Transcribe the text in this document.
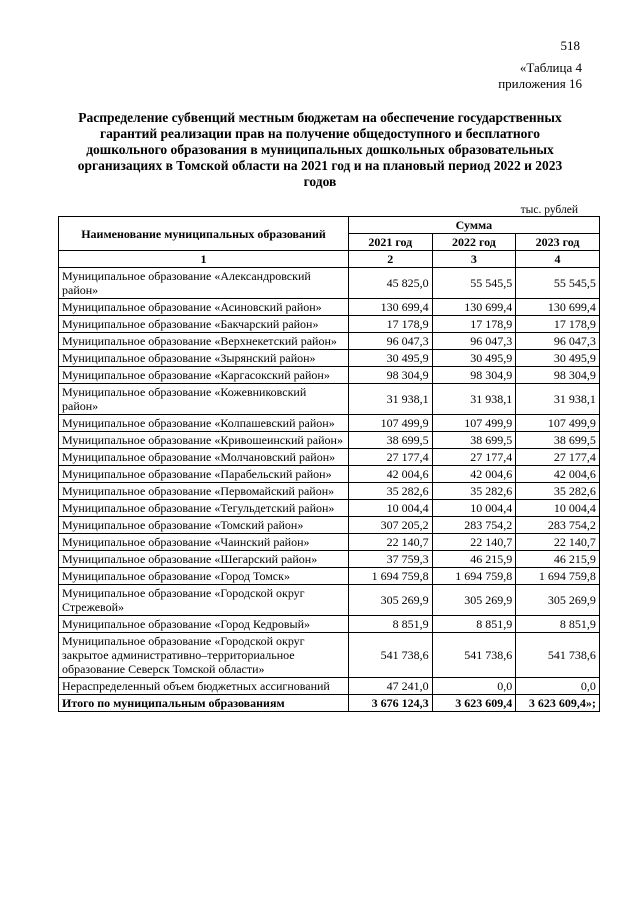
518
«Таблица 4
приложения 16
Распределение субвенций местным бюджетам на обеспечение государственных гарантий реализации прав на получение общедоступного и бесплатного дошкольного образования в муниципальных дошкольных образовательных организациях в Томской области на 2021 год и на плановый период 2022 и 2023 годов
тыс. рублей
Наименование муниципальных образований	Сумма		
	2021 год	2022 год	2023 год
1	2	3	4
Муниципальное образование «Александровский район»	45 825,0	55 545,5	55 545,5
Муниципальное образование «Асиновский район»	130 699,4	130 699,4	130 699,4
Муниципальное образование «Бакчарский район»	17 178,9	17 178,9	17 178,9
Муниципальное образование «Верхнекетский район»	96 047,3	96 047,3	96 047,3
Муниципальное образование «Зырянский район»	30 495,9	30 495,9	30 495,9
Муниципальное образование «Каргасокский район»	98 304,9	98 304,9	98 304,9
Муниципальное образование «Кожевниковский район»	31 938,1	31 938,1	31 938,1
Муниципальное образование «Колпашевский район»	107 499,9	107 499,9	107 499,9
Муниципальное образование «Кривошеинский район»	38 699,5	38 699,5	38 699,5
Муниципальное образование «Молчановский район»	27 177,4	27 177,4	27 177,4
Муниципальное образование «Парабельский район»	42 004,6	42 004,6	42 004,6
Муниципальное образование «Первомайский район»	35 282,6	35 282,6	35 282,6
Муниципальное образование «Тегульдетский район»	10 004,4	10 004,4	10 004,4
Муниципальное образование «Томский район»	307 205,2	283 754,2	283 754,2
Муниципальное образование «Чаинский район»	22 140,7	22 140,7	22 140,7
Муниципальное образование «Шегарский район»	37 759,3	46 215,9	46 215,9
Муниципальное образование «Город Томск»	1 694 759,8	1 694 759,8	1 694 759,8
Муниципальное образование «Городской округ Стрежевой»	305 269,9	305 269,9	305 269,9
Муниципальное образование «Город Кедровый»	8 851,9	8 851,9	8 851,9
Муниципальное образование «Городской округ закрытое административно–территориальное образование Северск Томской области»	541 738,6	541 738,6	541 738,6
Нераспределенный объем бюджетных ассигнований	47 241,0	0,0	0,0
Итого по муниципальным образованиям	3 676 124,3	3 623 609,4	3 623 609,4»;
